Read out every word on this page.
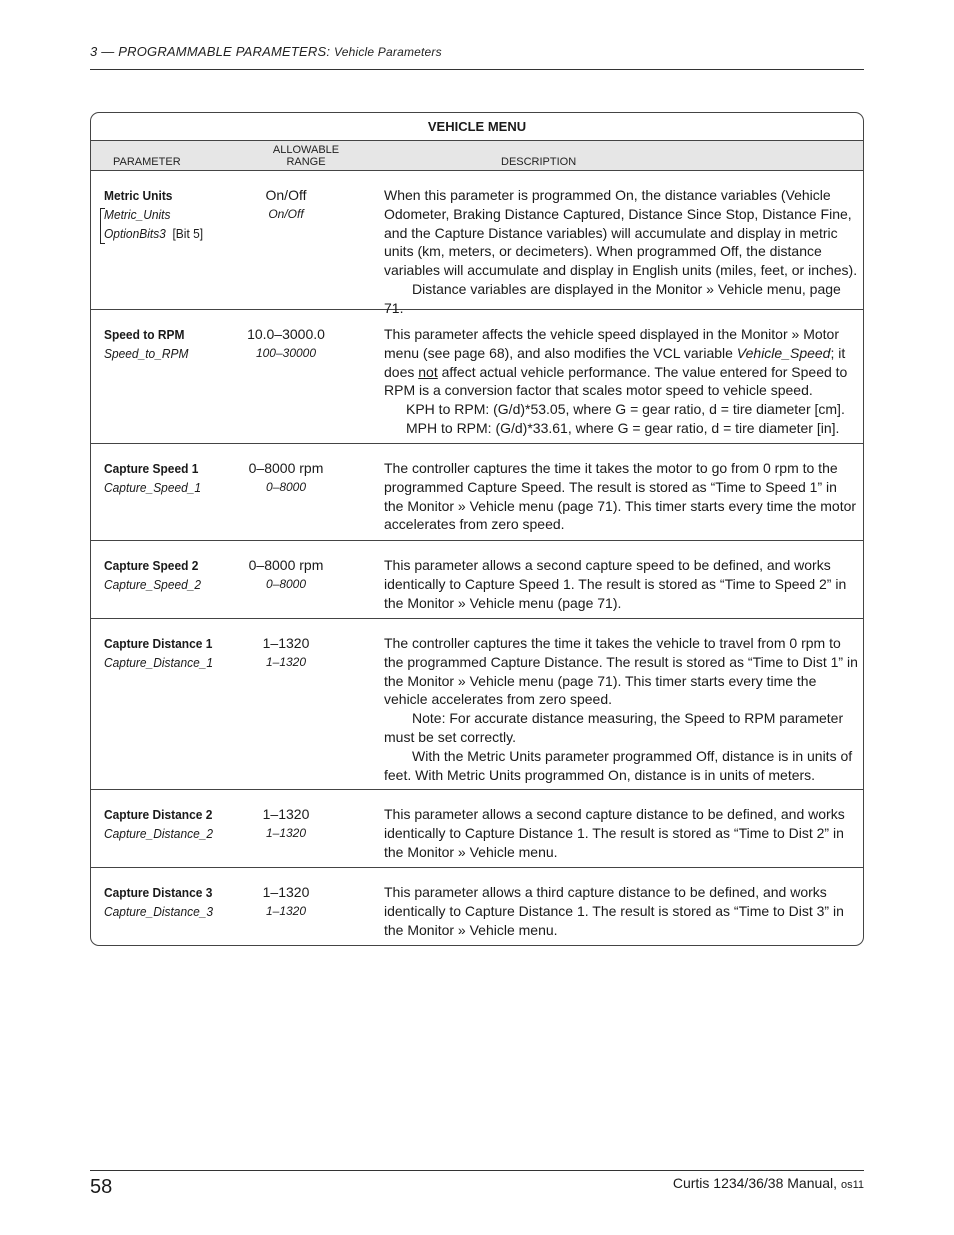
3 — PROGRAMMABLE PARAMETERS: Vehicle Parameters
VEHICLE MENU
PARAMETER
ALLOWABLE
RANGE	DESCRIPTION
Metric Units
Metric_Units
OptionBits3 [Bit 5]
On/Off
On/Off

When this parameter is programmed On, the distance variables (Vehicle Odometer, Braking Distance Captured, Distance Since Stop, Distance Fine, and the Capture Distance variables) will accumulate and display in metric units (km, meters, or decimeters). When programmed Off, the distance variables will accumulate and display in English units (miles, feet, or inches).

Distance variables are displayed in the Monitor » Vehicle menu, page 71.

Speed to RPM
Speed_to_RPM
10.0–3000.0
100–30000

This parameter affects the vehicle speed displayed in the Monitor » Motor menu (see page 68), and also modifies the VCL variable Vehicle_Speed; it does not affect actual vehicle performance. The value entered for Speed to RPM is a conversion factor that scales motor speed to vehicle speed.

KPH to RPM: (G/d)*53.05, where G = gear ratio, d = tire diameter [cm].

MPH to RPM: (G/d)*33.61, where G = gear ratio, d = tire diameter [in].

Capture Speed 1
Capture_Speed_1
0–8000 rpm
0–8000

The controller captures the time it takes the motor to go from 0 rpm to the programmed Capture Speed. The result is stored as “Time to Speed 1” in the Monitor » Vehicle menu (page 71). This timer starts every time the motor accelerates from zero speed.

Capture Speed 2
Capture_Speed_2
0–8000 rpm
0–8000

This parameter allows a second capture speed to be defined, and works identically to Capture Speed 1. The result is stored as “Time to Speed 2” in the Monitor » Vehicle menu (page 71).

Capture Distance 1
Capture_Distance_1
1–1320
1–1320

The controller captures the time it takes the vehicle to travel from 0 rpm to the programmed Capture Distance. The result is stored as “Time to Dist 1” in the Monitor » Vehicle menu (page 71). This timer starts every time the vehicle accelerates from zero speed.

Note: For accurate distance measuring, the Speed to RPM parameter must be set correctly.

With the Metric Units parameter programmed Off, distance is in units of feet. With Metric Units programmed On, distance is in units of meters.

Capture Distance 2
Capture_Distance_2
1–1320
1–1320

This parameter allows a second capture distance to be defined, and works identically to Capture Distance 1. The result is stored as “Time to Dist 2” in the Monitor » Vehicle menu.

Capture Distance 3
Capture_Distance_3
1–1320
1–1320

This parameter allows a third capture distance to be defined, and works identically to Capture Distance 1. The result is stored as “Time to Dist 3” in the Monitor » Vehicle menu.

58	Curtis 1234/36/38 Manual, os11
